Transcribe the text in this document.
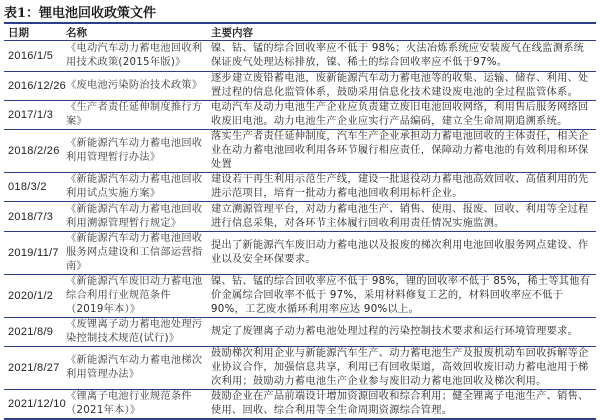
表1：锂电池回收政策文件
日期	名称	主要内容
2016/1/5	《电动汽车动力蓄电池回收利用技术政策(2015年版)》	镍、钴、锰的综合回收率应不低于 98%；火法冶炼系统应安装废气在线监测系统保证废气处理达标排放，镍、稀土的综合回收率应不低于97%。
2016/12/26	《废电池污染防治技术政策》	逐步建立废铅蓄电池，废新能源汽车动力蓄电池等的收集、运输、储存、利用、处置过程的信息化监管体系，鼓励采用信息化技术建设废电池的全过程监管体系。
2017/1/3	《生产者责任延伸制度推行方案》	电动汽车及动力电池生产企业应负责建立废旧电池回收网络，利用售后服务网络回收废旧电池。动力电池生产企业应实行产品编码，建立全生命周期追溯系统。
2018/2/26	《新能源汽车动力蓄电池回收利用管理暂行办法》	落实生产者责任延伸制度，汽车生产企业承担动力蓄电池回收的主体责任，相关企业在动力蓄电池回收利用各环节履行相应责任，保障动力蓄电池的有效利用和环保处置
018/3/2	《新能源汽车动力蓄电池回收利用试点实施方案》	建设若干再生利用示范生产线，建设一批退役动力蓄电池高效回收、高值利用的先进示范项目，培育一批动力蓄电池回收利用标杆企业。
2018/7/3	《新能源汽车动力蓄电池回收利用溯源管理暂行规定》	建立溯源管理平台，对动力蓄电池生产、销售、使用、报废、回收、利用等全过程进行信息采集，对各环节主体履行回收利用责任情况实施监测。
2019/11/7	《新能源汽车动力蓄电池回收服务网点建设和工信部运营指南》	提出了新能源汽车废旧动力蓄电池以及报废的梯次利用电池回收服务网点建设、作业以及安全环保要求。
2020/1/2	《新能源汽车废旧动力蓄电池综合利用行业规范条件（2019年本）》	镍、钴、锰的综合回收率应不低于 98%，锂的回收率不低于 85%，稀土等其他有价金属综合回收率不低于 97%，采用材料修复工艺的，材料回收率应不低于 90%，工艺废水循环利用率应达 90%以上。
2021/8/9	《废锂离子动力蓄电池处理污染控制技术规范(试行)》	规定了废锂离子动力蓄电池处理过程的污染控制技术要求和运行环境管理要求。
2021/8/27	《新能源汽车动力蓄电池梯次利用管理办法》	鼓励梯次利用企业与新能源汽车生产、动力蓄电池生产及报废机动车回收拆解等企业协议合作，加强信息共享，利用已有回收渠道，高效回收废旧动力蓄电池用于梯次利用；鼓励动力蓄电池生产企业参与废旧动力蓄电池回收及梯次利用。
2021/12/10	《锂离子电池行业规范条件（2021年本）》	鼓励企业在产品前端设计增加资源回收和综合利用；健全锂离子电池生产、销售、使用、回收、综合利用等全生命周期资源综合管理。
